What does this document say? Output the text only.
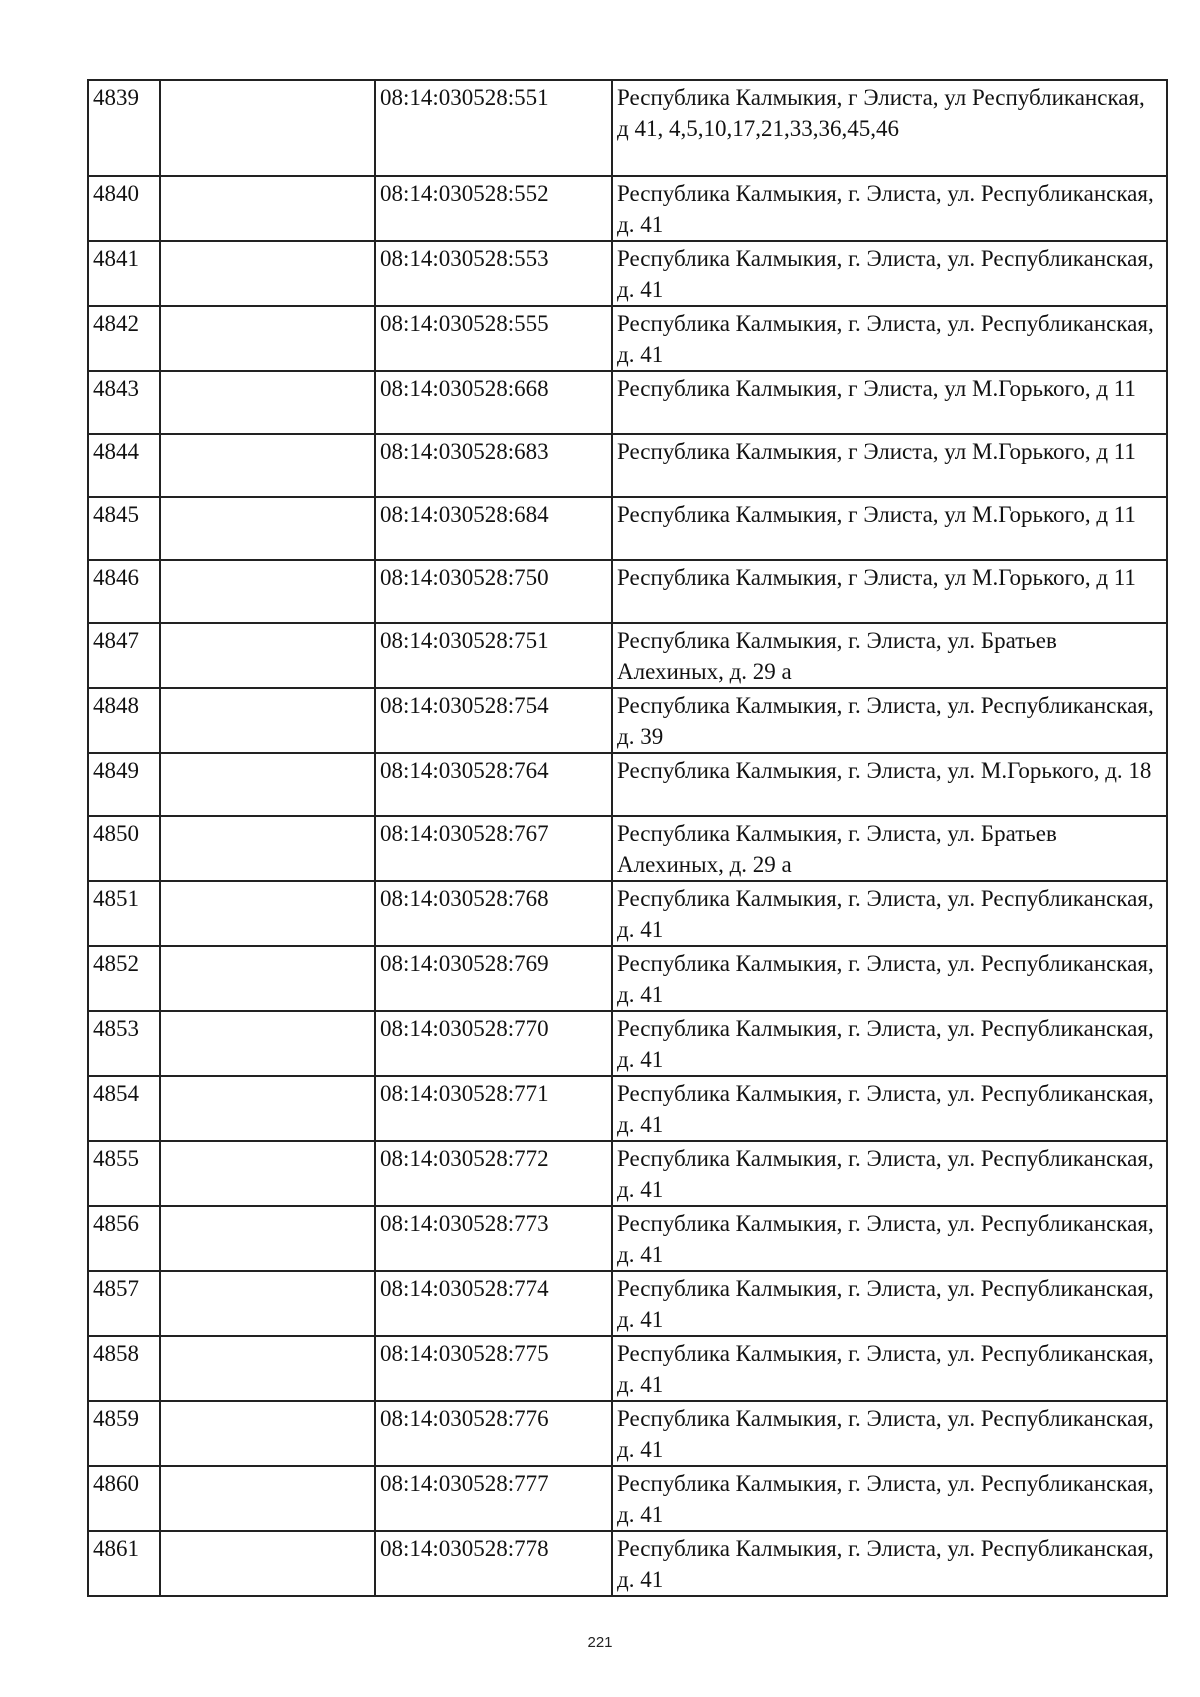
4839		08:14:030528:551	Республика Калмыкия, г Элиста, ул Республиканская, д 41, 4,5,10,17,21,33,36,45,46
4840		08:14:030528:552	Республика Калмыкия, г. Элиста, ул. Республиканская, д. 41
4841		08:14:030528:553	Республика Калмыкия, г. Элиста, ул. Республиканская, д. 41
4842		08:14:030528:555	Республика Калмыкия, г. Элиста, ул. Республиканская, д. 41
4843		08:14:030528:668	Республика Калмыкия, г Элиста, ул М.Горького, д 11
4844		08:14:030528:683	Республика Калмыкия, г Элиста, ул М.Горького, д 11
4845		08:14:030528:684	Республика Калмыкия, г Элиста, ул М.Горького, д 11
4846		08:14:030528:750	Республика Калмыкия, г Элиста, ул М.Горького, д 11
4847		08:14:030528:751	Республика Калмыкия, г. Элиста, ул. Братьев Алехиных, д. 29 а
4848		08:14:030528:754	Республика Калмыкия, г. Элиста, ул. Республиканская, д. 39
4849		08:14:030528:764	Республика Калмыкия, г. Элиста, ул. М.Горького, д. 18
4850		08:14:030528:767	Республика Калмыкия, г. Элиста, ул. Братьев Алехиных, д. 29 а
4851		08:14:030528:768	Республика Калмыкия, г. Элиста, ул. Республиканская, д. 41
4852		08:14:030528:769	Республика Калмыкия, г. Элиста, ул. Республиканская, д. 41
4853		08:14:030528:770	Республика Калмыкия, г. Элиста, ул. Республиканская, д. 41
4854		08:14:030528:771	Республика Калмыкия, г. Элиста, ул. Республиканская, д. 41
4855		08:14:030528:772	Республика Калмыкия, г. Элиста, ул. Республиканская, д. 41
4856		08:14:030528:773	Республика Калмыкия, г. Элиста, ул. Республиканская, д. 41
4857		08:14:030528:774	Республика Калмыкия, г. Элиста, ул. Республиканская, д. 41
4858		08:14:030528:775	Республика Калмыкия, г. Элиста, ул. Республиканская, д. 41
4859		08:14:030528:776	Республика Калмыкия, г. Элиста, ул. Республиканская, д. 41
4860		08:14:030528:777	Республика Калмыкия, г. Элиста, ул. Республиканская, д. 41
4861		08:14:030528:778	Республика Калмыкия, г. Элиста, ул. Республиканская, д. 41
221
